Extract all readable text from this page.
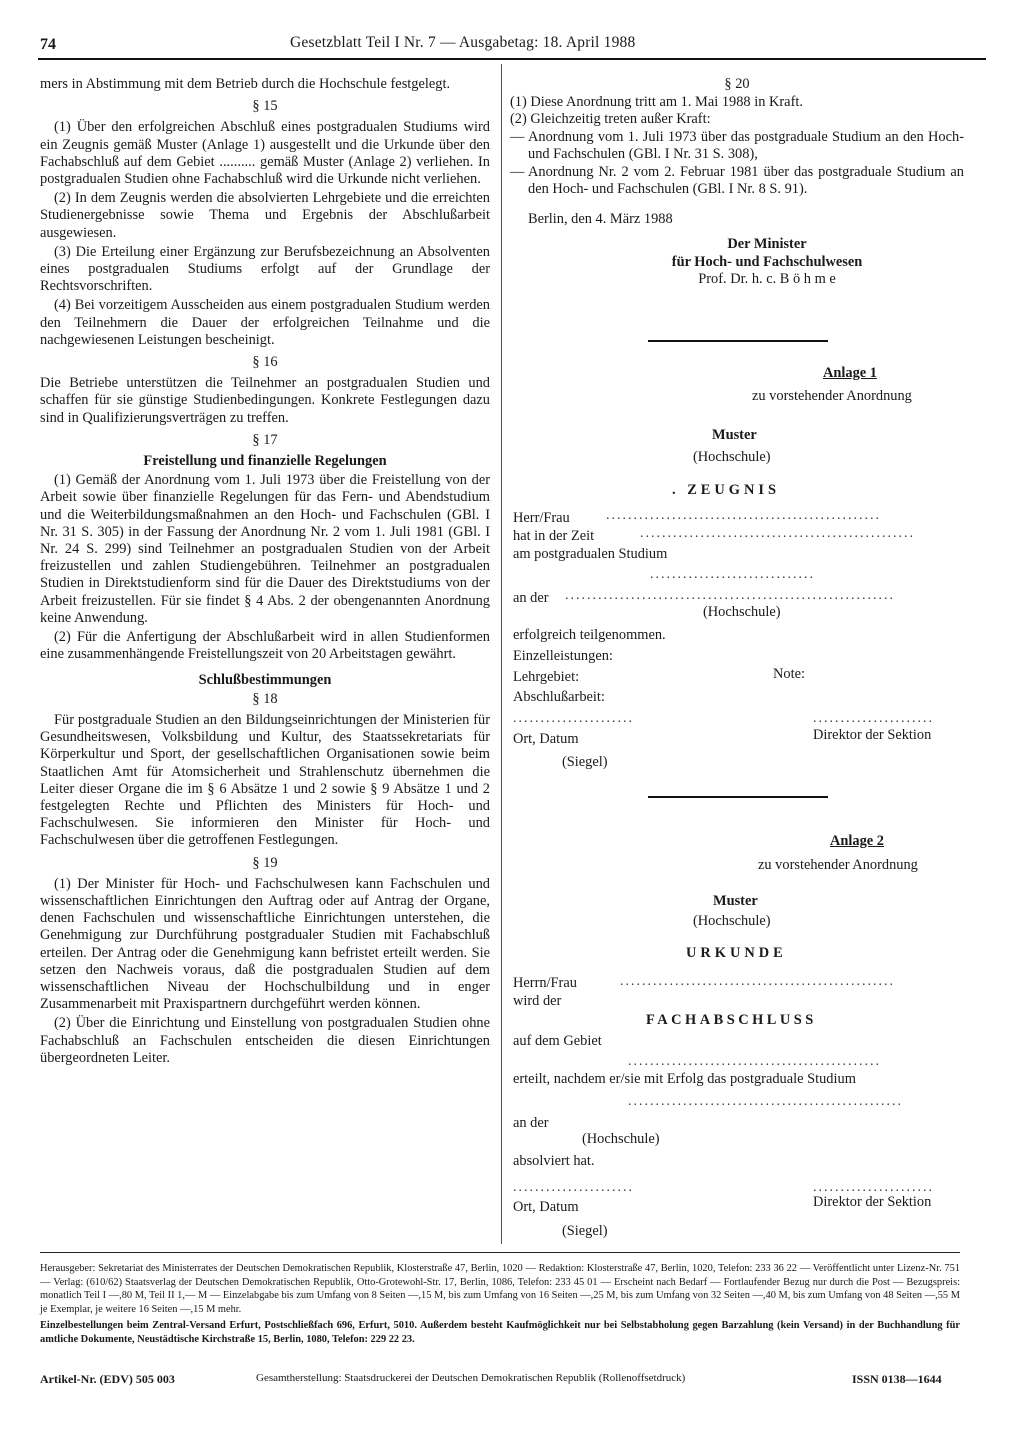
74	Gesetzblatt Teil I Nr. 7 — Ausgabetag: 18. April 1988

mers in Abstimmung mit dem Betrieb durch die Hochschule festgelegt.

§ 15

(1) Über den erfolgreichen Abschluß eines postgradualen Studiums wird ein Zeugnis gemäß Muster (Anlage 1) ausgestellt und die Urkunde über den Fachabschluß auf dem Gebiet .......... gemäß Muster (Anlage 2) verliehen. In postgradualen Studien ohne Fachabschluß wird die Urkunde nicht verliehen.

(2) In dem Zeugnis werden die absolvierten Lehrgebiete und die erreichten Studienergebnisse sowie Thema und Ergebnis der Abschlußarbeit ausgewiesen.

(3) Die Erteilung einer Ergänzung zur Berufsbezeichnung an Absolventen eines postgradualen Studiums erfolgt auf der Grundlage der Rechtsvorschriften.

(4) Bei vorzeitigem Ausscheiden aus einem postgradualen Studium werden den Teilnehmern die Dauer der erfolgreichen Teilnahme und die nachgewiesenen Leistungen bescheinigt.

§ 16

Die Betriebe unterstützen die Teilnehmer an postgradualen Studien und schaffen für sie günstige Studienbedingungen. Konkrete Festlegungen dazu sind in Qualifizierungsverträgen zu treffen.

§ 17

Freistellung und finanzielle Regelungen

(1) Gemäß der Anordnung vom 1. Juli 1973 über die Freistellung von der Arbeit sowie über finanzielle Regelungen für das Fern- und Abendstudium und die Weiterbildungsmaßnahmen an den Hoch- und Fachschulen (GBl. I Nr. 31 S. 305) in der Fassung der Anordnung Nr. 2 vom 1. Juli 1981 (GBl. I Nr. 24 S. 299) sind Teilnehmer an postgradualen Studien von der Arbeit freizustellen und zahlen Studiengebühren. Teilnehmer an postgradualen Studien in Direktstudienform sind für die Dauer des Direktstudiums von der Arbeit freizustellen. Für sie findet § 4 Abs. 2 der obengenannten Anordnung keine Anwendung.

(2) Für die Anfertigung der Abschlußarbeit wird in allen Studienformen eine zusammenhängende Freistellungszeit von 20 Arbeitstagen gewährt.

Schlußbestimmungen

§ 18

Für postgraduale Studien an den Bildungseinrichtungen der Ministerien für Gesundheitswesen, Volksbildung und Kultur, des Staatssekretariats für Körperkultur und Sport, der gesellschaftlichen Organisationen sowie beim Staatlichen Amt für Atomsicherheit und Strahlenschutz übernehmen die Leiter dieser Organe die im § 6 Absätze 1 und 2 sowie § 9 Absätze 1 und 2 festgelegten Rechte und Pflichten des Ministers für Hoch- und Fachschulwesen. Sie informieren den Minister für Hoch- und Fachschulwesen über die getroffenen Festlegungen.

§ 19

(1) Der Minister für Hoch- und Fachschulwesen kann Fachschulen und wissenschaftlichen Einrichtungen den Auftrag oder auf Antrag der Organe, denen Fachschulen und wissenschaftliche Einrichtungen unterstehen, die Genehmigung zur Durchführung postgradualer Studien mit Fachabschluß erteilen. Der Antrag oder die Genehmigung kann befristet erteilt werden. Sie setzen den Nachweis voraus, daß die postgradualen Studien auf dem wissenschaftlichen Niveau der Hochschulbildung und in enger Zusammenarbeit mit Praxispartnern durchgeführt werden können.

(2) Über die Einrichtung und Einstellung von postgradualen Studien ohne Fachabschluß an Fachschulen entscheiden die diesen Einrichtungen übergeordneten Leiter.

§ 20

(1) Diese Anordnung tritt am 1. Mai 1988 in Kraft.

(2) Gleichzeitig treten außer Kraft:

— Anordnung vom 1. Juli 1973 über das postgraduale Studium an den Hoch- und Fachschulen (GBl. I Nr. 31 S. 308),
— Anordnung Nr. 2 vom 2. Februar 1981 über das postgraduale Studium an den Hoch- und Fachschulen (GBl. I Nr. 8 S. 91).

Berlin, den 4. März 1988

Der Minister

für Hoch- und Fachschulwesen

Prof. Dr. h. c. B ö h m e

Anlage 1
zu vorstehender Anordnung
Muster
(Hochschule)
. ZEUGNIS
Herr/Frau	..................................................
hat in der Zeit	..................................................
am postgradualen Studium
..............................
an der ............................................................
(Hochschule)
erfolgreich teilgenommen.
Einzelleistungen:
Lehrgebiet:	Note:
Abschlußarbeit:
......................	......................
Ort, Datum	Direktor der Sektion
(Siegel)
Anlage 2
zu vorstehender Anordnung
Muster
(Hochschule)
URKUNDE
Herrn/Frau	..................................................
wird der
FACHABSCHLUSS
auf dem Gebiet
..............................................
erteilt, nachdem er/sie mit Erfolg das postgraduale Studium
..................................................
an der
(Hochschule)
absolviert hat.
......................	......................
Ort, Datum	Direktor der Sektion
(Siegel)

Herausgeber: Sekretariat des Ministerrates der Deutschen Demokratischen Republik, Klosterstraße 47, Berlin, 1020 — Redaktion: Klosterstraße 47, Berlin, 1020, Telefon: 233 36 22 — Veröffentlicht unter Lizenz-Nr. 751 — Verlag: (610/62) Staatsverlag der Deutschen Demokratischen Republik, Otto-Grotewohl-Str. 17, Berlin, 1086, Telefon: 233 45 01 — Erscheint nach Bedarf — Fortlaufender Bezug nur durch die Post — Bezugspreis: monatlich Teil I —,80 M, Teil II 1,— M — Einzelabgabe bis zum Umfang von 8 Seiten —,15 M, bis zum Umfang von 16 Seiten —,25 M, bis zum Umfang von 32 Seiten —,40 M, bis zum Umfang von 48 Seiten —,55 M je Exemplar, je weitere 16 Seiten —,15 M mehr.

Einzelbestellungen beim Zentral-Versand Erfurt, Postschließfach 696, Erfurt, 5010. Außerdem besteht Kaufmöglichkeit nur bei Selbstabholung gegen Barzahlung (kein Versand) in der Buchhandlung für amtliche Dokumente, Neustädtische Kirchstraße 15, Berlin, 1080, Telefon: 229 22 23.

Artikel-Nr. (EDV) 505 003	Gesamtherstellung: Staatsdruckerei der Deutschen Demokratischen Republik (Rollenoffsetdruck)	ISSN 0138—1644
